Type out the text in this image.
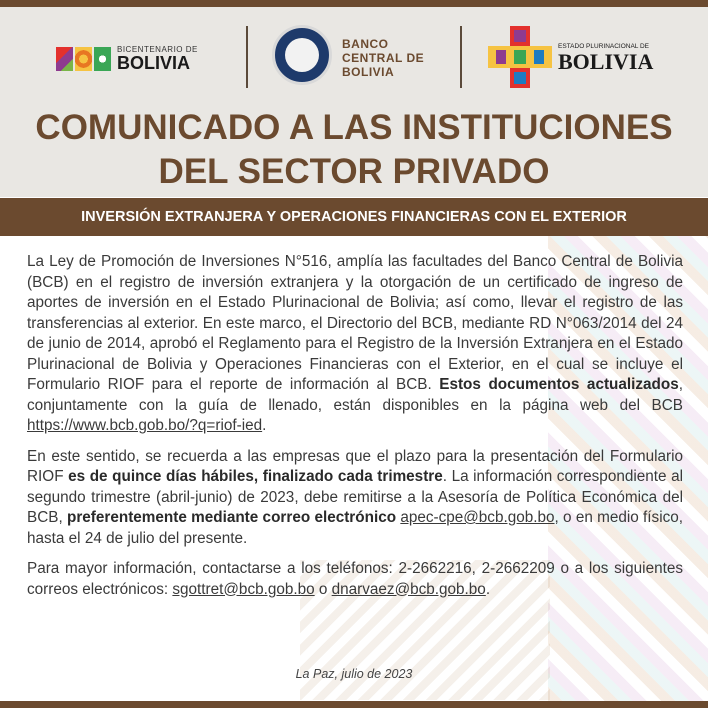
BICENTENARIO DE
BOLIVIA
BANCO
CENTRAL DE
BOLIVIA
ESTADO PLURINACIONAL DE
BOLIVIA
COMUNICADO A LAS INSTITUCIONES
DEL SECTOR PRIVADO
INVERSIÓN EXTRANJERA Y OPERACIONES FINANCIERAS CON EL EXTERIOR

La Ley de Promoción de Inversiones N°516, amplía las facultades del Banco Central de Bolivia (BCB) en el registro de inversión extranjera y la otorgación de un certificado de ingreso de aportes de inversión en el Estado Plurinacional de Bolivia; así como, llevar el registro de las transferencias al exterior. En este marco, el Directorio del BCB, mediante RD N°063/2014 del 24 de junio de 2014, aprobó el Reglamento para el Registro de la Inversión Extranjera en el Estado Plurinacional de Bolivia y Operaciones Financieras con el Exterior, en el cual se incluye el Formulario RIOF para el reporte de información al BCB. Estos documentos actualizados, conjuntamente con la guía de llenado, están disponibles en la página web del BCB https://www.bcb.gob.bo/?q=riof-ied.

En este sentido, se recuerda a las empresas que el plazo para la presentación del Formulario RIOF es de quince días hábiles, finalizado cada trimestre. La información correspondiente al segundo trimestre (abril-junio) de 2023, debe remitirse a la Asesoría de Política Económica del BCB, preferentemente mediante correo electrónico apec-cpe@bcb.gob.bo, o en medio físico, hasta el 24 de julio del presente.

Para mayor información, contactarse a los teléfonos: 2-2662216, 2-2662209 o a los siguientes correos electrónicos: sgottret@bcb.gob.bo o dnarvaez@bcb.gob.bo.

La Paz, julio de 2023
